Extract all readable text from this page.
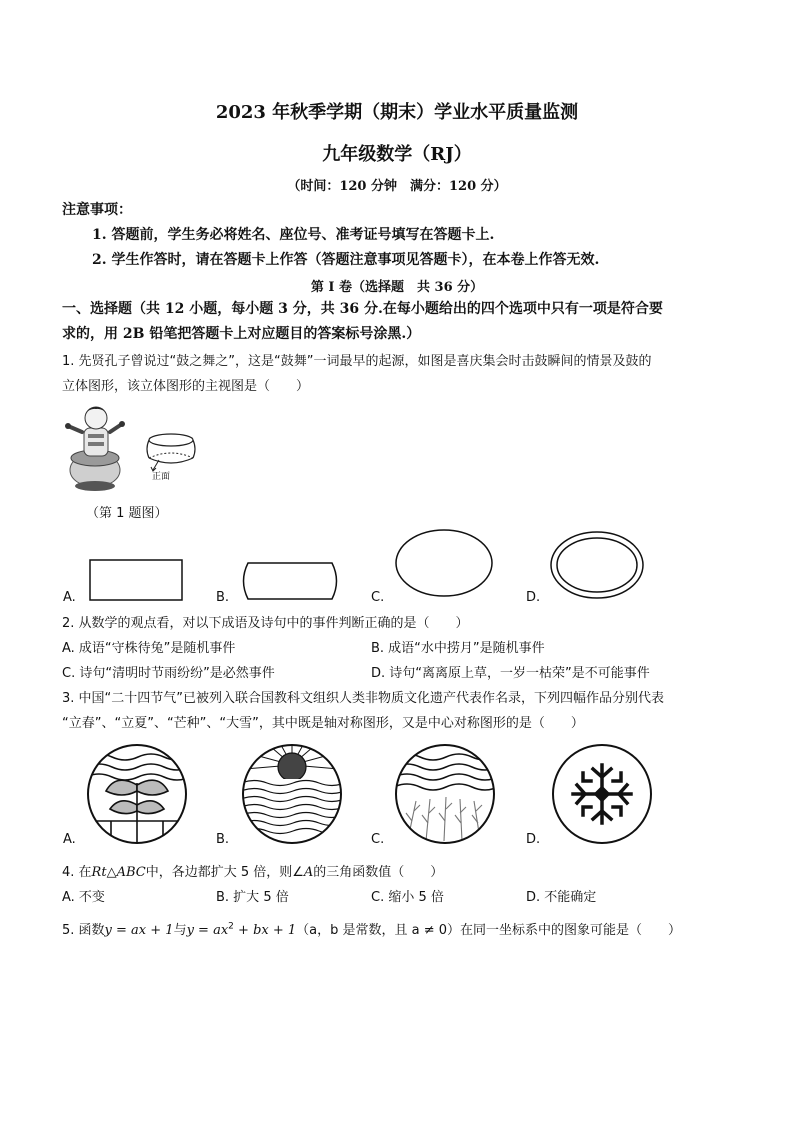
2023 年秋季学期（期末）学业水平质量监测
九年级数学（RJ）
（时间：120 分钟　满分：120 分）
注意事项：
1. 答题前，学生务必将姓名、座位号、准考证号填写在答题卡上.
2. 学生作答时，请在答题卡上作答（答题注意事项见答题卡），在本卷上作答无效.
第 Ⅰ 卷（选择题　共 36 分）
一、选择题（共 12 小题，每小题 3 分，共 36 分.在每小题给出的四个选项中只有一项是符合要
求的，用 2B 铅笔把答题卡上对应题目的答案标号涂黑.）
1. 先贤孔子曾说过“鼓之舞之”，这是“鼓舞”一词最早的起源，如图是喜庆集会时击鼓瞬间的情景及鼓的
立体图形，该立体图形的主视图是（　　）
正面
（第 1 题图）
A.	B.	C.	D.
2. 从数学的观点看，对以下成语及诗句中的事件判断正确的是（　　）
A. 成语“守株待兔”是随机事件	B. 成语“水中捞月”是随机事件
C. 诗句“清明时节雨纷纷”是必然事件	D. 诗句“离离原上草，一岁一枯荣”是不可能事件
3. 中国“二十四节气”已被列入联合国教科文组织人类非物质文化遗产代表作名录，下列四幅作品分别代表
“立春”、“立夏”、“芒种”、“大雪”，其中既是轴对称图形，又是中心对称图形的是（　　）
A.	B.	C.	D.
4. 在Rt△ABC中，各边都扩大 5 倍，则∠A的三角函数值（　　）
A. 不变	B. 扩大 5 倍	C. 缩小 5 倍	D. 不能确定
5. 函数y = ax + 1与$y = ax^2$ + bx + 1（a，b 是常数，且 a ≠ 0）在同一坐标系中的图象可能是（　　）
